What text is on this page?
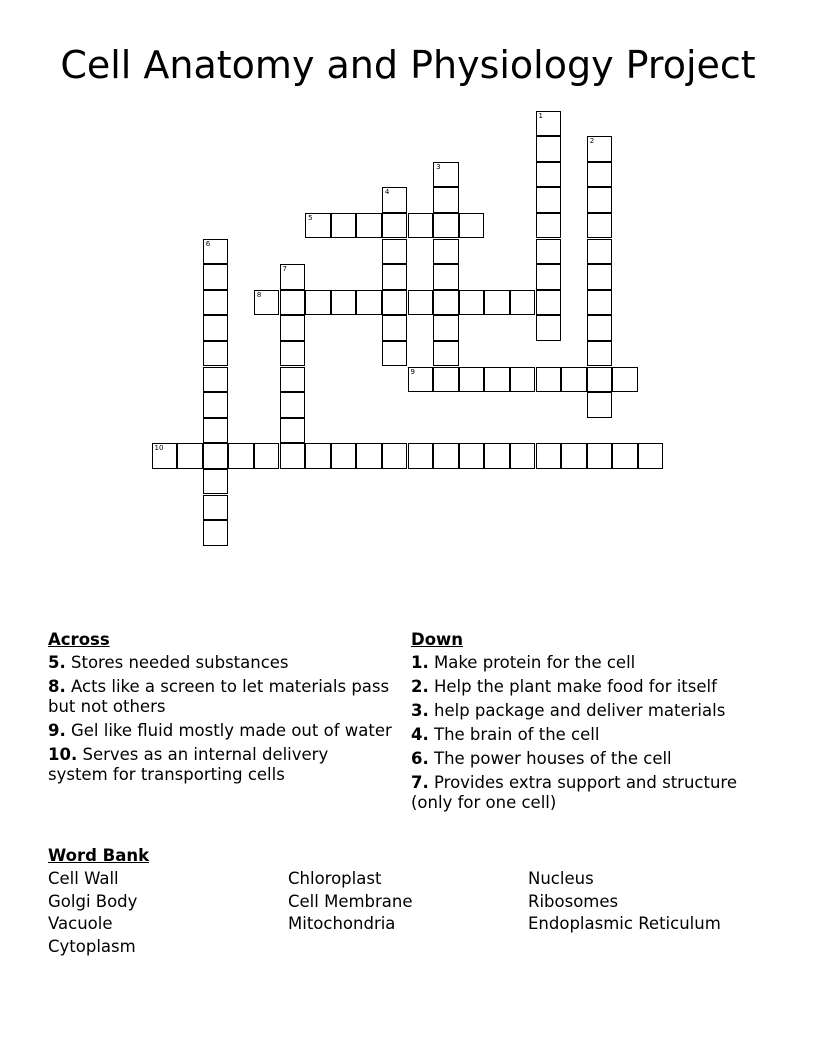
Cell Anatomy and Physiology Project
1
2
3
4
5
6
7
8
9
10
Across
5. Stores needed substances
8. Acts like a screen to let materials pass but not others
9. Gel like fluid mostly made out of water
10. Serves as an internal delivery system for transporting cells
Down
1. Make protein for the cell
2. Help the plant make food for itself
3. help package and deliver materials
4. The brain of the cell
6. The power houses of the cell
7. Provides extra support and structure (only for one cell)
Word Bank
Cell Wall	Chloroplast	Nucleus
Golgi Body	Cell Membrane	Ribosomes
Vacuole	Mitochondria	Endoplasmic Reticulum
Cytoplasm
